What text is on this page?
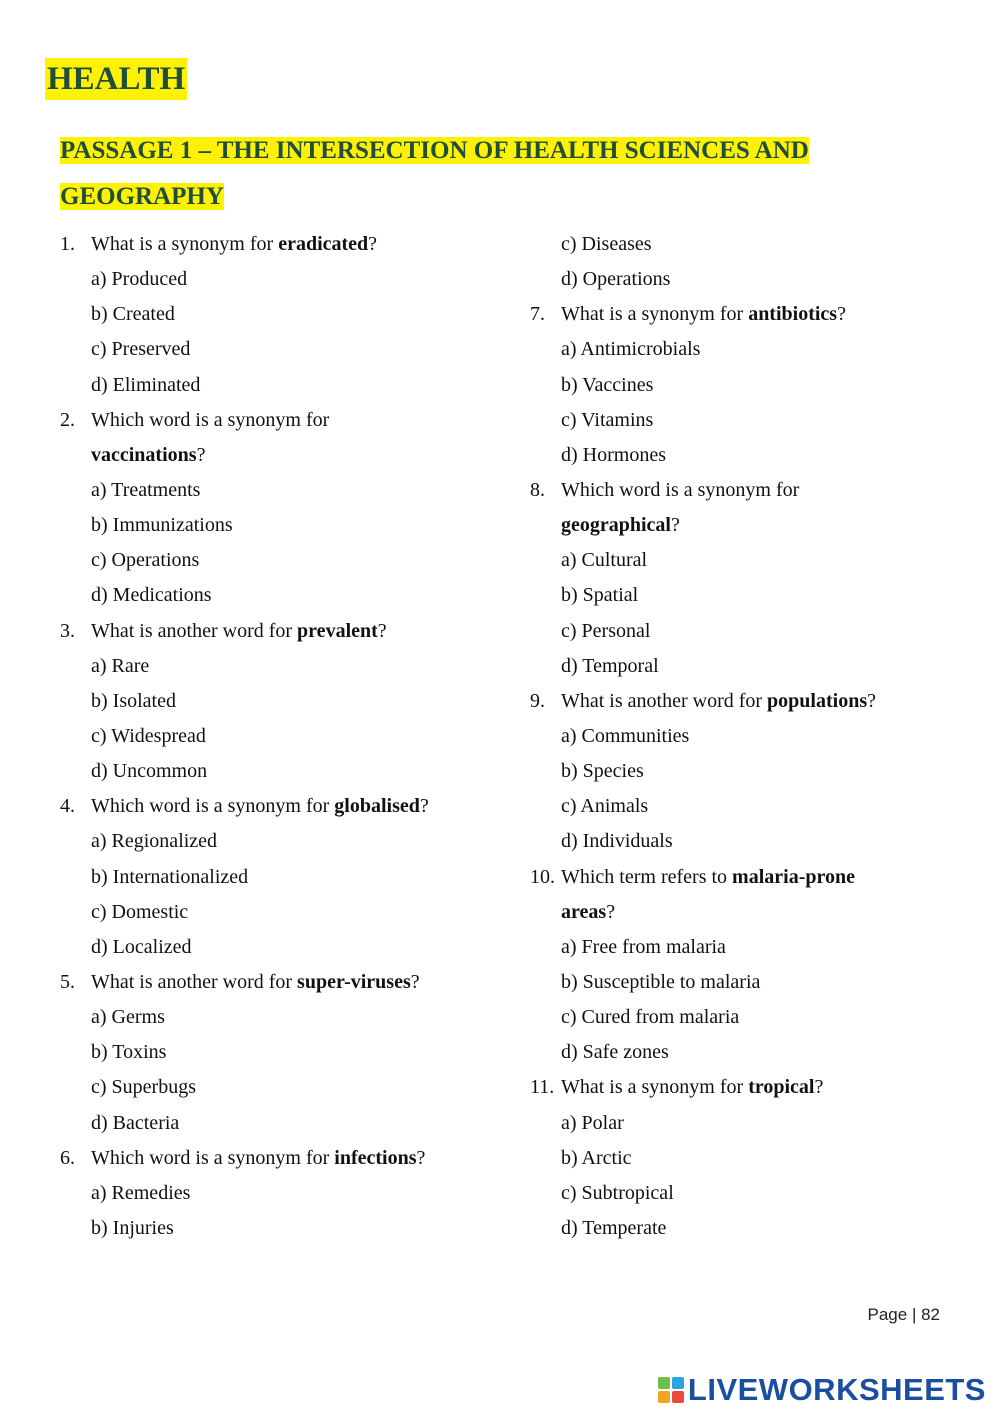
HEALTH
PASSAGE 1 – THE INTERSECTION OF HEALTH SCIENCES AND GEOGRAPHY
1. What is a synonym for eradicated?
a) Produced
b) Created
c) Preserved
d) Eliminated
2. Which word is a synonym for
vaccinations?
a) Treatments
b) Immunizations
c) Operations
d) Medications
3. What is another word for prevalent?
a) Rare
b) Isolated
c) Widespread
d) Uncommon
4. Which word is a synonym for globalised?
a) Regionalized
b) Internationalized
c) Domestic
d) Localized
5. What is another word for super-viruses?
a) Germs
b) Toxins
c) Superbugs
d) Bacteria
6. Which word is a synonym for infections?
a) Remedies
b) Injuries
c) Diseases
d) Operations
7. What is a synonym for antibiotics?
a) Antimicrobials
b) Vaccines
c) Vitamins
d) Hormones
8. Which word is a synonym for
geographical?
a) Cultural
b) Spatial
c) Personal
d) Temporal
9. What is another word for populations?
a) Communities
b) Species
c) Animals
d) Individuals
10. Which term refers to malaria-prone
areas?
a) Free from malaria
b) Susceptible to malaria
c) Cured from malaria
d) Safe zones
11. What is a synonym for tropical?
a) Polar
b) Arctic
c) Subtropical
d) Temperate
Page | 82
LIVEWORKSHEETS
